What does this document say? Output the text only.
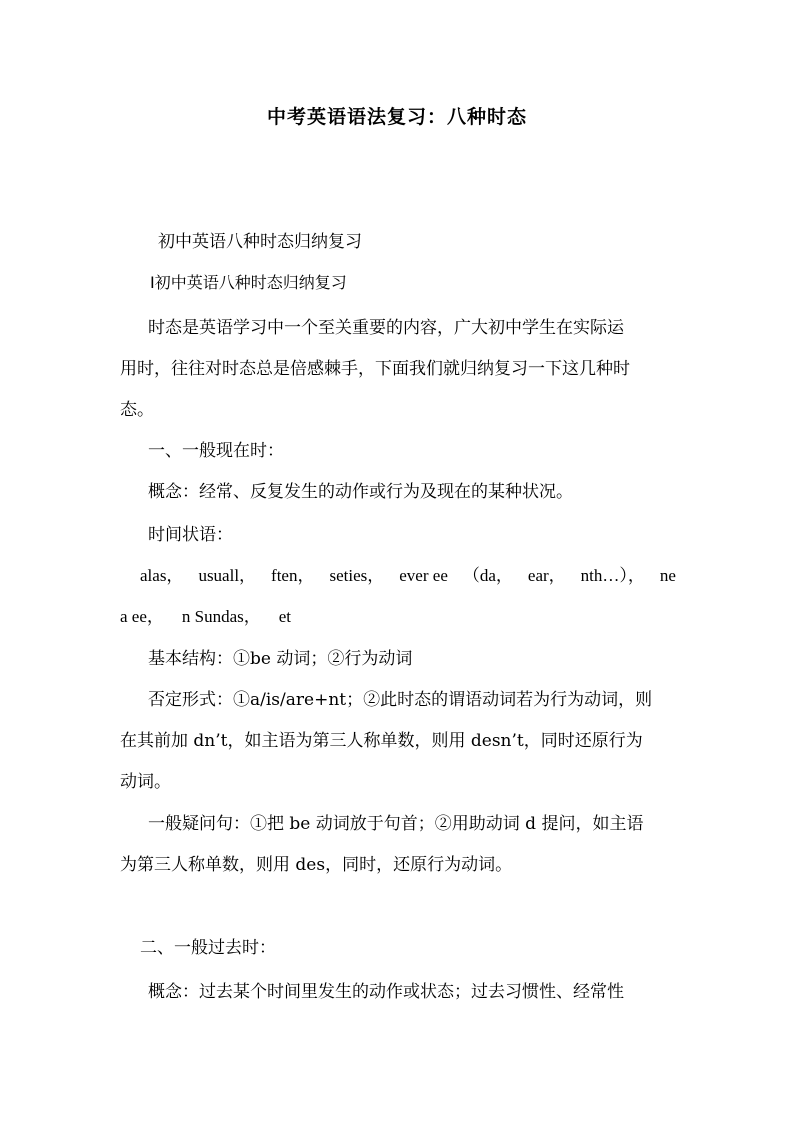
中考英语语法复习：八种时态
初中英语八种时态归纳复习
Ⅰ初中英语八种时态归纳复习
时态是英语学习中一个至关重要的内容，广大初中学生在实际运
用时，往往对时态总是倍感棘手，下面我们就归纳复习一下这几种时
态。
一、一般现在时：
概念：经常、反复发生的动作或行为及现在的某种状况。
时间状语：
alas， usuall， ften， seties， ever ee （da， ear， nth…）， ne
a ee， n Sundas， et
基本结构：①be 动词；②行为动词
否定形式：①a/is/are+nt；②此时态的谓语动词若为行为动词，则
在其前加 dn’t，如主语为第三人称单数，则用 desn’t，同时还原行为
动词。
一般疑问句：①把 be 动词放于句首；②用助动词 d 提问，如主语
为第三人称单数，则用 des，同时，还原行为动词。
二、一般过去时：
概念：过去某个时间里发生的动作或状态；过去习惯性、经常性
